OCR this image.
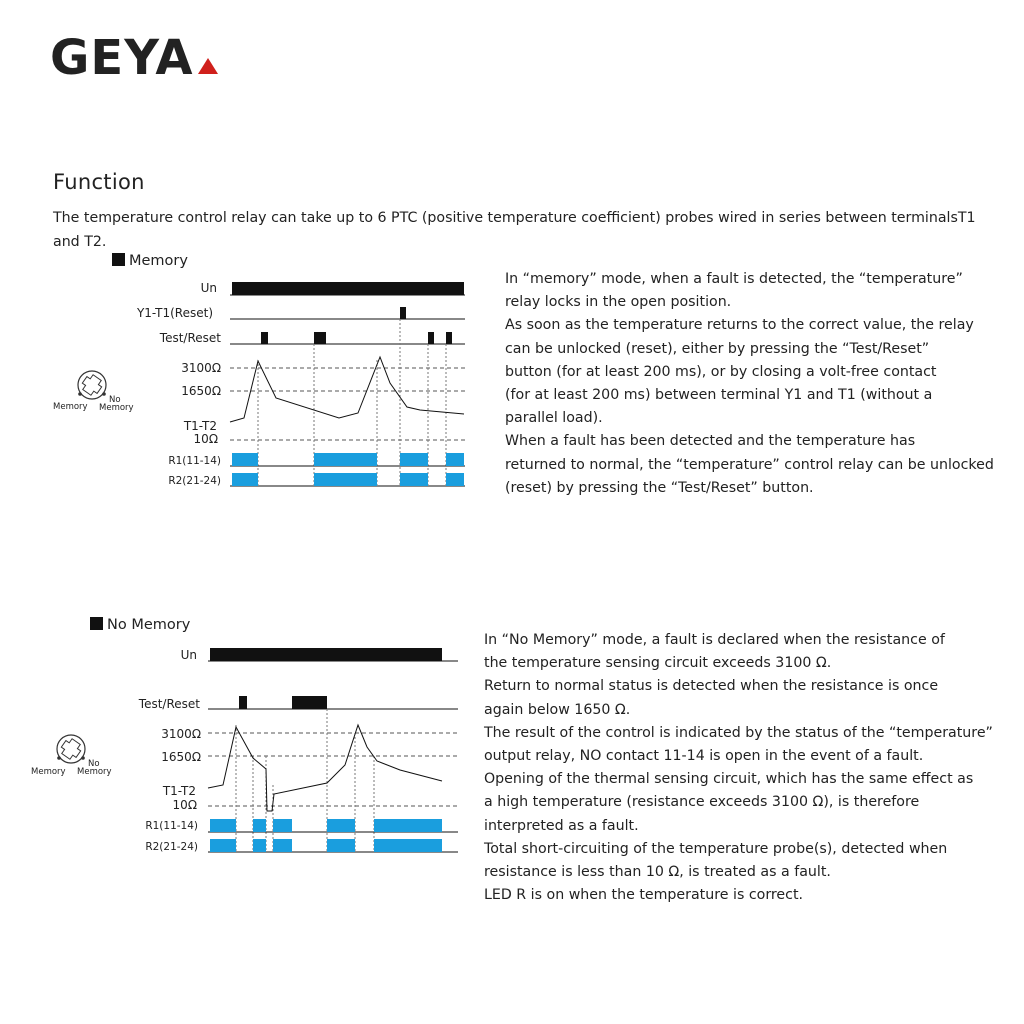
GEYA
Function
The temperature control relay can take up to 6 PTC (positive temperature coefficient) probes wired in series between terminalsT1 and T2.
Memory
Un
Y1-T1(Reset)
Test/Reset
3100Ω
1650Ω
T1-T2
10Ω
R1(11-14)
R2(21-24)
Memory
No
Memory
In “memory” mode, when a fault is detected, the “temperature”
relay locks in the open position.
As soon as the temperature returns to the correct value, the relay
can be unlocked (reset), either by pressing the “Test/Reset”
button (for at least 200 ms), or by closing a volt-free contact
(for at least 200 ms) between terminal Y1 and T1 (without a
parallel load).
When a fault has been detected and the temperature has
returned to normal, the “temperature” control relay can be unlocked
(reset) by pressing the “Test/Reset” button.
No Memory
Un
Test/Reset
3100Ω
1650Ω
T1-T2
10Ω
R1(11-14)
R2(21-24)
Memory
No
Memory
In “No Memory” mode, a fault is declared when the resistance of
the temperature sensing circuit exceeds 3100 Ω.
Return to normal status is detected when the resistance is once
again below 1650 Ω.
The result of the control is indicated by the status of the “temperature”
output relay, NO contact 11-14 is open in the event of a fault.
Opening of the thermal sensing circuit, which has the same effect as
a high temperature (resistance exceeds 3100 Ω), is therefore
interpreted as a fault.
Total short-circuiting of the temperature probe(s), detected when
resistance is less than 10 Ω, is treated as a fault.
LED R is on when the temperature is correct.
